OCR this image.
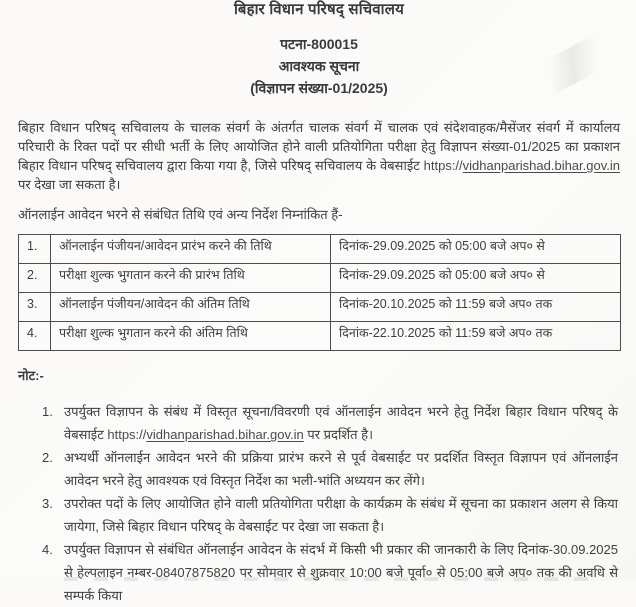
बिहार विधान परिषद् सचिवालय
पटना-800015
आवश्यक सूचना
(विज्ञापन संख्या-01/2025)

बिहार विधान परिषद् सचिवालय के चालक संवर्ग के अंतर्गत चालक संवर्ग में चालक एवं संदेशवाहक/मैसेंजर संवर्ग में कार्यालय परिचारी के रिक्त पदों पर सीधी भर्ती के लिए आयोजित होने वाली प्रतियोगिता परीक्षा हेतु विज्ञापन संख्या-01/2025 का प्रकाशन बिहार विधान परिषद् सचिवालय द्वारा किया गया है, जिसे परिषद् सचिवालय के वेबसाईट https://vidhanparishad.bihar.gov.in पर देखा जा सकता है।

ऑनलाईन आवेदन भरने से संबंधित तिथि एवं अन्य निर्देश निम्नांकित हैं-
1.	ऑनलाईन पंजीयन/आवेदन प्रारंभ करने की तिथि	दिनांक-29.09.2025 को 05:00 बजे अप० से
2.	परीक्षा शुल्क भुगतान करने की प्रारंभ तिथि	दिनांक-29.09.2025 को 05:00 बजे अप० से
3.	ऑनलाईन पंजीयन/आवेदन की अंतिम तिथि	दिनांक-20.10.2025 को 11:59 बजे अप० तक
4.	परीक्षा शुल्क भुगतान करने की अंतिम तिथि	दिनांक-22.10.2025 को 11:59 बजे अप० तक
नोट:-
1. उपर्युक्त विज्ञापन के संबंध में विस्तृत सूचना/विवरणी एवं ऑनलाईन आवेदन भरने हेतु निर्देश बिहार विधान परिषद् के वेबसाईट https://vidhanparishad.bihar.gov.in पर प्रदर्शित है।
2. अभ्यर्थी ऑनलाईन आवेदन भरने की प्रक्रिया प्रारंभ करने से पूर्व वेबसाईट पर प्रदर्शित विस्तृत विज्ञापन एवं ऑनलाईन आवेदन भरने हेतु आवश्यक एवं विस्तृत निर्देश का भली-भांति अध्ययन कर लेंगे।
3. उपरोक्त पदों के लिए आयोजित होने वाली प्रतियोगिता परीक्षा के कार्यक्रम के संबंध में सूचना का प्रकाशन अलग से किया जायेगा, जिसे बिहार विधान परिषद् के वेबसाईट पर देखा जा सकता है।
4. उपर्युक्त विज्ञापन से संबंधित ऑनलाईन आवेदन के संदर्भ में किसी भी प्रकार की जानकारी के लिए दिनांक-30.09.2025 से हेल्पलाइन नम्बर-08407875820 पर सोमवार से शुक्रवार 10:00 बजे पूर्वा० से 05:00 बजे अप० तक की अवधि से सम्पर्क किया
